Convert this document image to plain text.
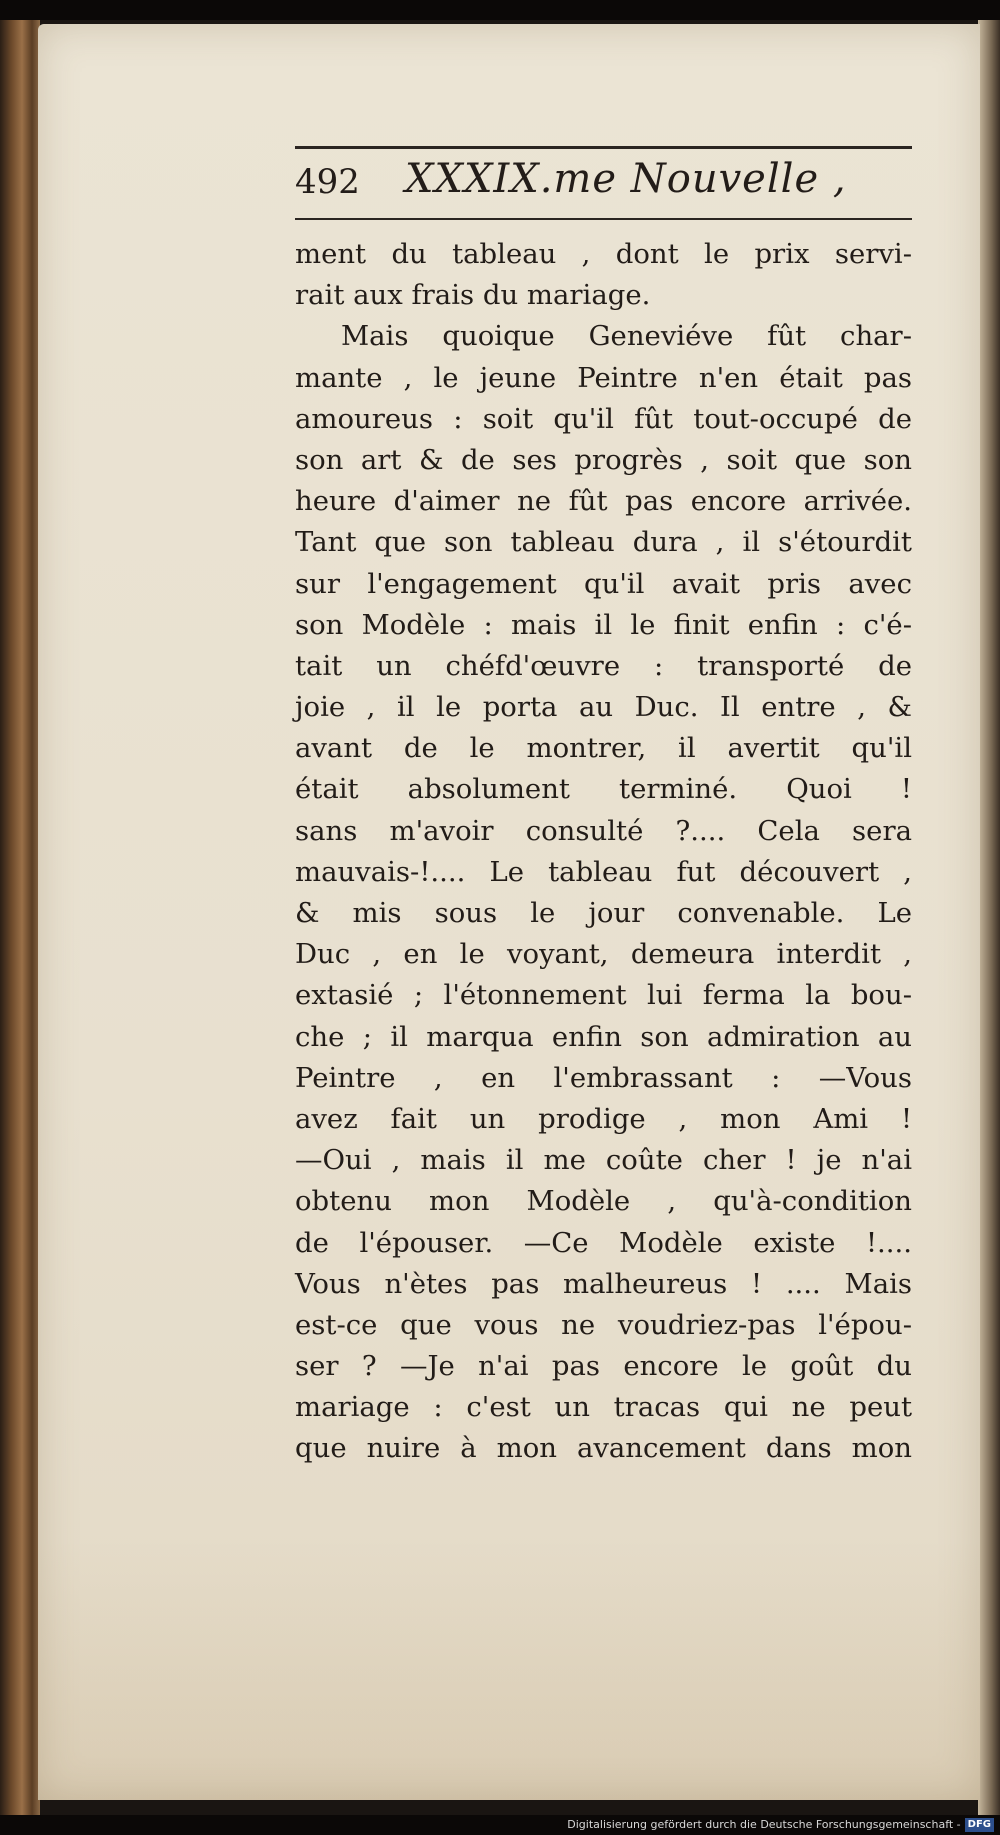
492 XXXIX.me Nouvelle ,
ment du tableau , dont le prix servi-
rait aux frais du mariage.
Mais quoique Geneviéve fût char-
mante , le jeune Peintre n'en était pas
amoureus : soit qu'il fût tout-occupé de
son art & de ses progrès , soit que son
heure d'aimer ne fût pas encore arrivée.
Tant que son tableau dura , il s'étourdit
sur l'engagement qu'il avait pris avec
son Modèle : mais il le finit enfin : c'é-
tait un chéfd'œuvre : transporté de
joie , il le porta au Duc. Il entre , &
avant de le montrer, il avertit qu'il
était absolument terminé. Quoi !
sans m'avoir consulté ?.... Cela sera
mauvais-!.... Le tableau fut découvert ,
& mis sous le jour convenable. Le
Duc , en le voyant, demeura interdit ,
extasié ; l'étonnement lui ferma la bou-
che ; il marqua enfin son admiration au
Peintre , en l'embrassant : —Vous
avez fait un prodige , mon Ami !
—Oui , mais il me coûte cher ! je n'ai
obtenu mon Modèle , qu'à-condition
de l'épouser. —Ce Modèle existe !....
Vous n'ètes pas malheureus ! .... Mais
est-ce que vous ne voudriez-pas l'épou-
ser ? —Je n'ai pas encore le goût du
mariage : c'est un tracas qui ne peut
que nuire à mon avancement dans mon
Digitalisierung gefördert durch die Deutsche Forschungsgemeinschaft - DFG
